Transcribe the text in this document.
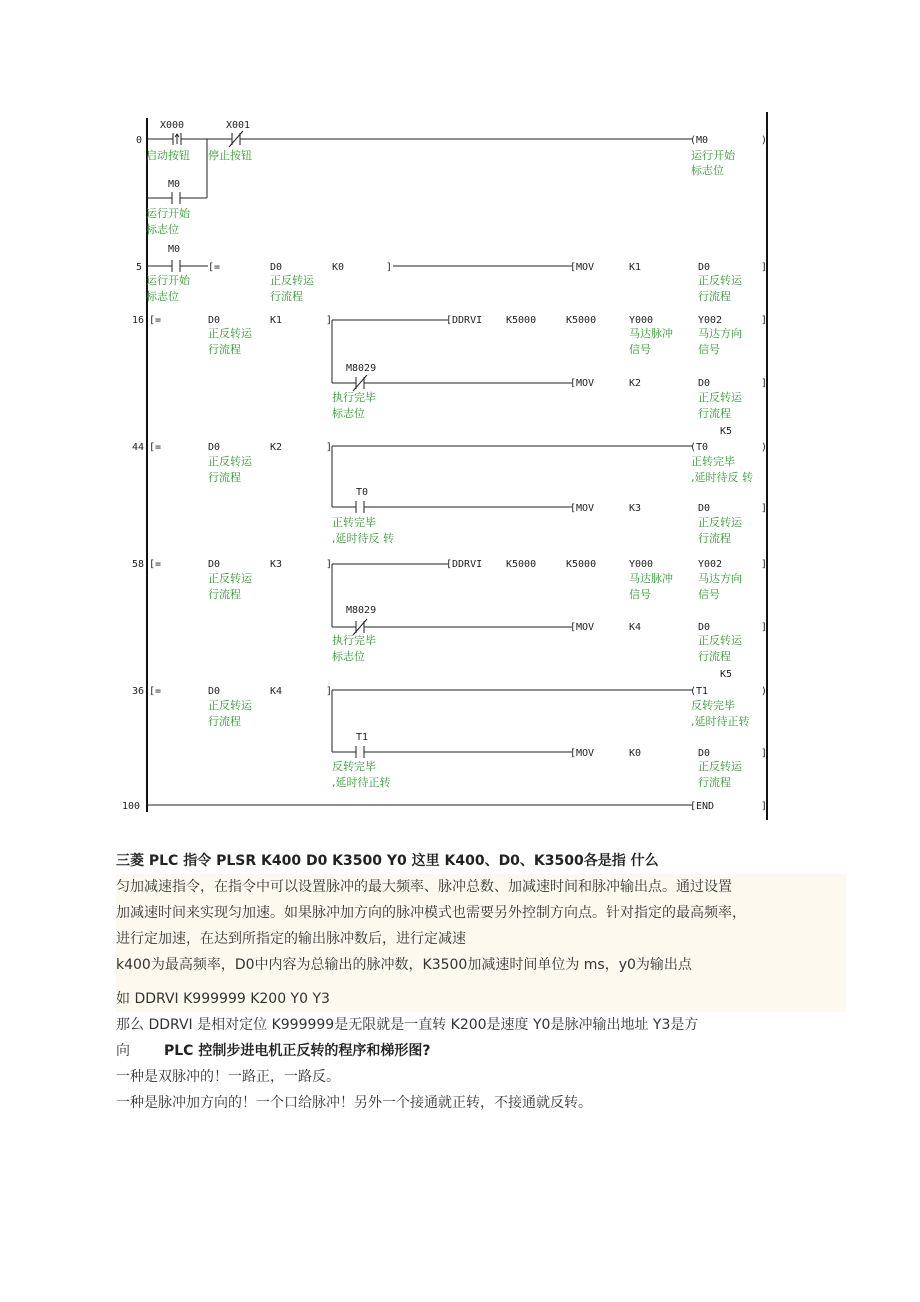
0
X000	X001
(M0	)
启动按钮 停止按钮	运行开始
标志位
M0
运行开始
标志位
5
M0
[=	D0	K0	]	[MOV	K1	D0	]
运行开始
标志位
正反转运
行流程
正反转运
行流程
16 [=	D0	K1	]	[DDRVI K5000	K5000	Y000	Y002	]
正反转运
行流程
马达脉冲
信号
马达方向
信号
M8029
[MOV	K2	D0	]
执行完毕
标志位
正反转运
行流程
K5
44 [=	D0	K2	]	(T0	)
正反转运
行流程
正转完毕
,延时待反 转
T0
[MOV	K3	D0	]
正转完毕
,延时待反 转
正反转运
行流程
58 [=	D0	K3	]	[DDRVI K5000	K5000	Y000	Y002	]
正反转运
行流程
马达脉冲
信号
马达方向
信号
M8029
[MOV	K4	D0	]
执行完毕
标志位
正反转运
行流程
K5
36 [=	D0	K4	]	(T1	)
正反转运
行流程
反转完毕
,延时待正转
T1
[MOV	K0	D0	]
反转完毕
,延时待正转
正反转运
行流程
100	[END	]

三菱 PLC 指令 PLSR K400 D0 K3500 Y0 这里 K400、D0、K3500各是指 什么

匀加减速指令，在指令中可以设置脉冲的最大频率、脉冲总数、加减速时间和脉冲输出点。通过设置

加减速时间来实现匀加速。如果脉冲加方向的脉冲模式也需要另外控制方向点。针对指定的最高频率，

进行定加速，在达到所指定的输出脉冲数后，进行定减速

k400为最高频率，D0中内容为总输出的脉冲数，K3500加减速时间单位为 ms，y0为输出点

如 DDRVI K999999 K200 Y0 Y3

那么 DDRVI 是相对定位 K999999是无限就是一直转 K200是速度 Y0是脉冲输出地址 Y3是方

向 PLC 控制步进电机正反转的程序和梯形图?

一种是双脉冲的！一路正，一路反。

一种是脉冲加方向的！一个口给脉冲！另外一个接通就正转，不接通就反转。
